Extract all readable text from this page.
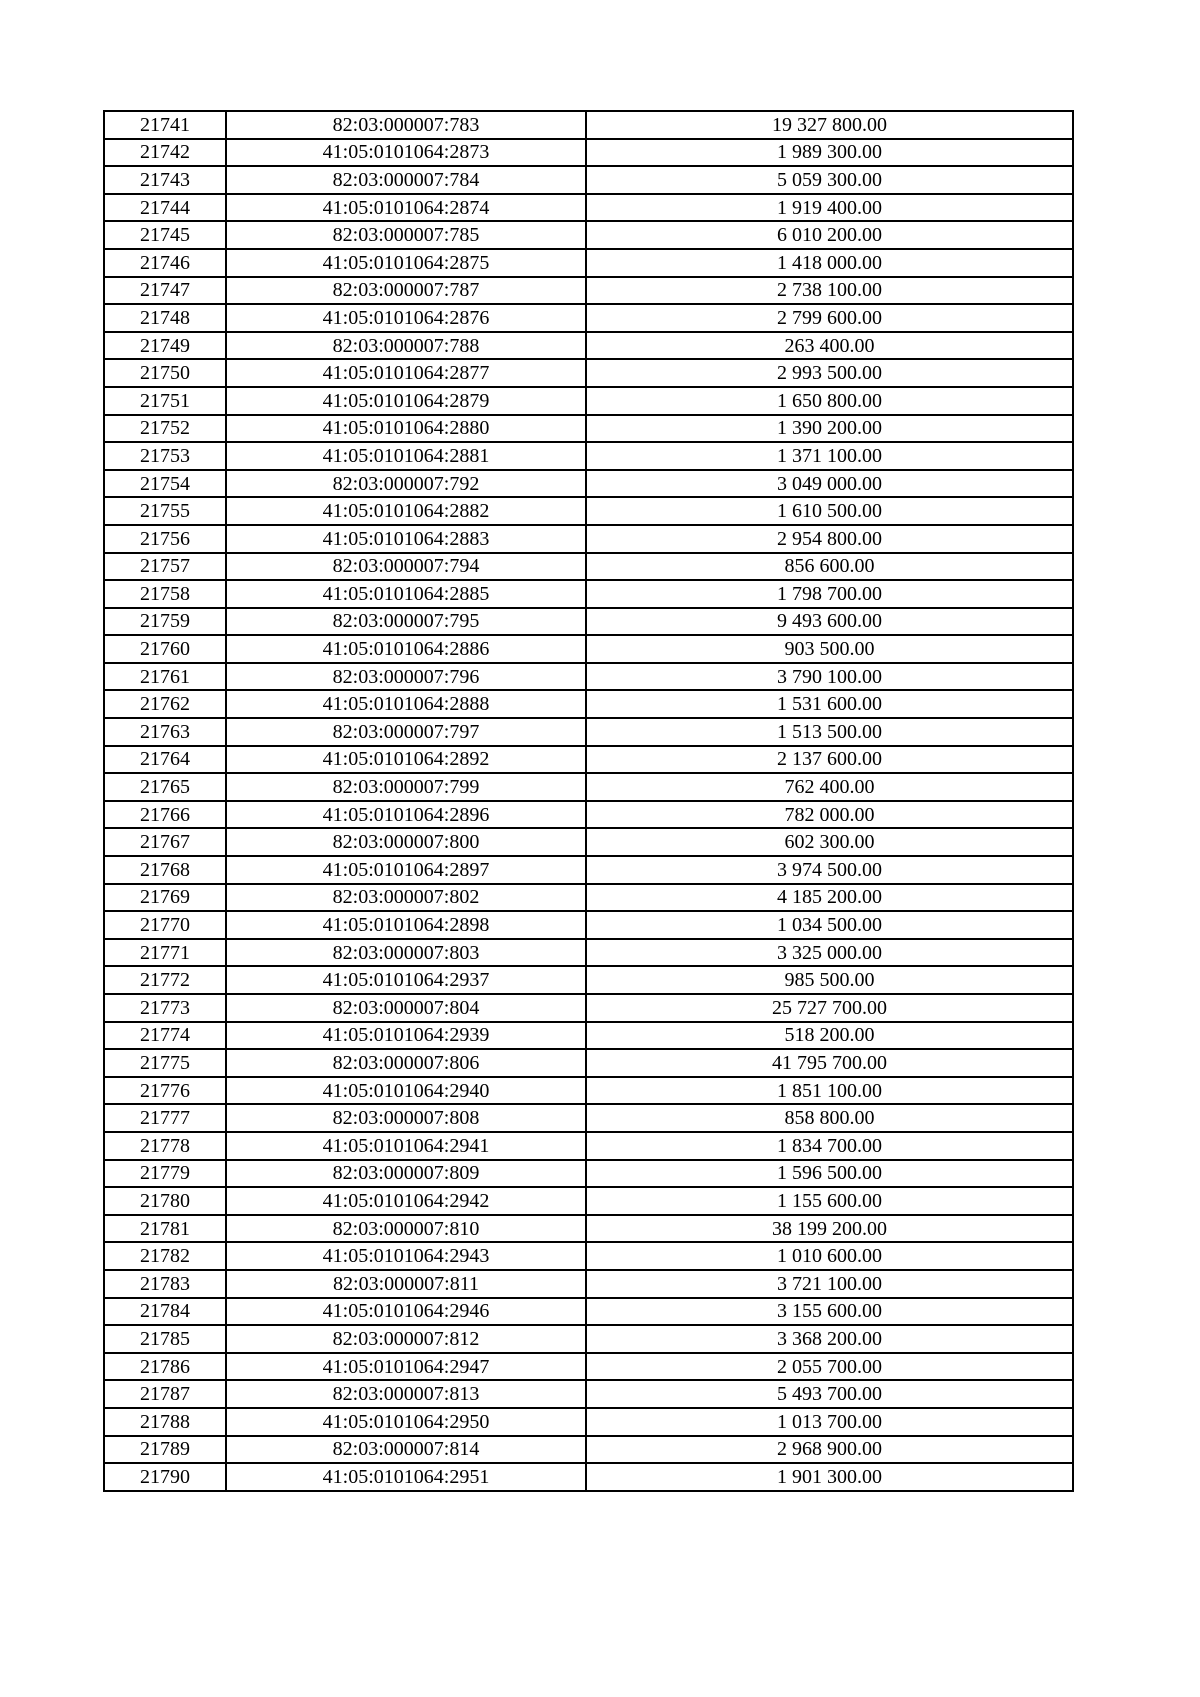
21741	82:03:000007:783	19 327 800.00
21742	41:05:0101064:2873	1 989 300.00
21743	82:03:000007:784	5 059 300.00
21744	41:05:0101064:2874	1 919 400.00
21745	82:03:000007:785	6 010 200.00
21746	41:05:0101064:2875	1 418 000.00
21747	82:03:000007:787	2 738 100.00
21748	41:05:0101064:2876	2 799 600.00
21749	82:03:000007:788	263 400.00
21750	41:05:0101064:2877	2 993 500.00
21751	41:05:0101064:2879	1 650 800.00
21752	41:05:0101064:2880	1 390 200.00
21753	41:05:0101064:2881	1 371 100.00
21754	82:03:000007:792	3 049 000.00
21755	41:05:0101064:2882	1 610 500.00
21756	41:05:0101064:2883	2 954 800.00
21757	82:03:000007:794	856 600.00
21758	41:05:0101064:2885	1 798 700.00
21759	82:03:000007:795	9 493 600.00
21760	41:05:0101064:2886	903 500.00
21761	82:03:000007:796	3 790 100.00
21762	41:05:0101064:2888	1 531 600.00
21763	82:03:000007:797	1 513 500.00
21764	41:05:0101064:2892	2 137 600.00
21765	82:03:000007:799	762 400.00
21766	41:05:0101064:2896	782 000.00
21767	82:03:000007:800	602 300.00
21768	41:05:0101064:2897	3 974 500.00
21769	82:03:000007:802	4 185 200.00
21770	41:05:0101064:2898	1 034 500.00
21771	82:03:000007:803	3 325 000.00
21772	41:05:0101064:2937	985 500.00
21773	82:03:000007:804	25 727 700.00
21774	41:05:0101064:2939	518 200.00
21775	82:03:000007:806	41 795 700.00
21776	41:05:0101064:2940	1 851 100.00
21777	82:03:000007:808	858 800.00
21778	41:05:0101064:2941	1 834 700.00
21779	82:03:000007:809	1 596 500.00
21780	41:05:0101064:2942	1 155 600.00
21781	82:03:000007:810	38 199 200.00
21782	41:05:0101064:2943	1 010 600.00
21783	82:03:000007:811	3 721 100.00
21784	41:05:0101064:2946	3 155 600.00
21785	82:03:000007:812	3 368 200.00
21786	41:05:0101064:2947	2 055 700.00
21787	82:03:000007:813	5 493 700.00
21788	41:05:0101064:2950	1 013 700.00
21789	82:03:000007:814	2 968 900.00
21790	41:05:0101064:2951	1 901 300.00
